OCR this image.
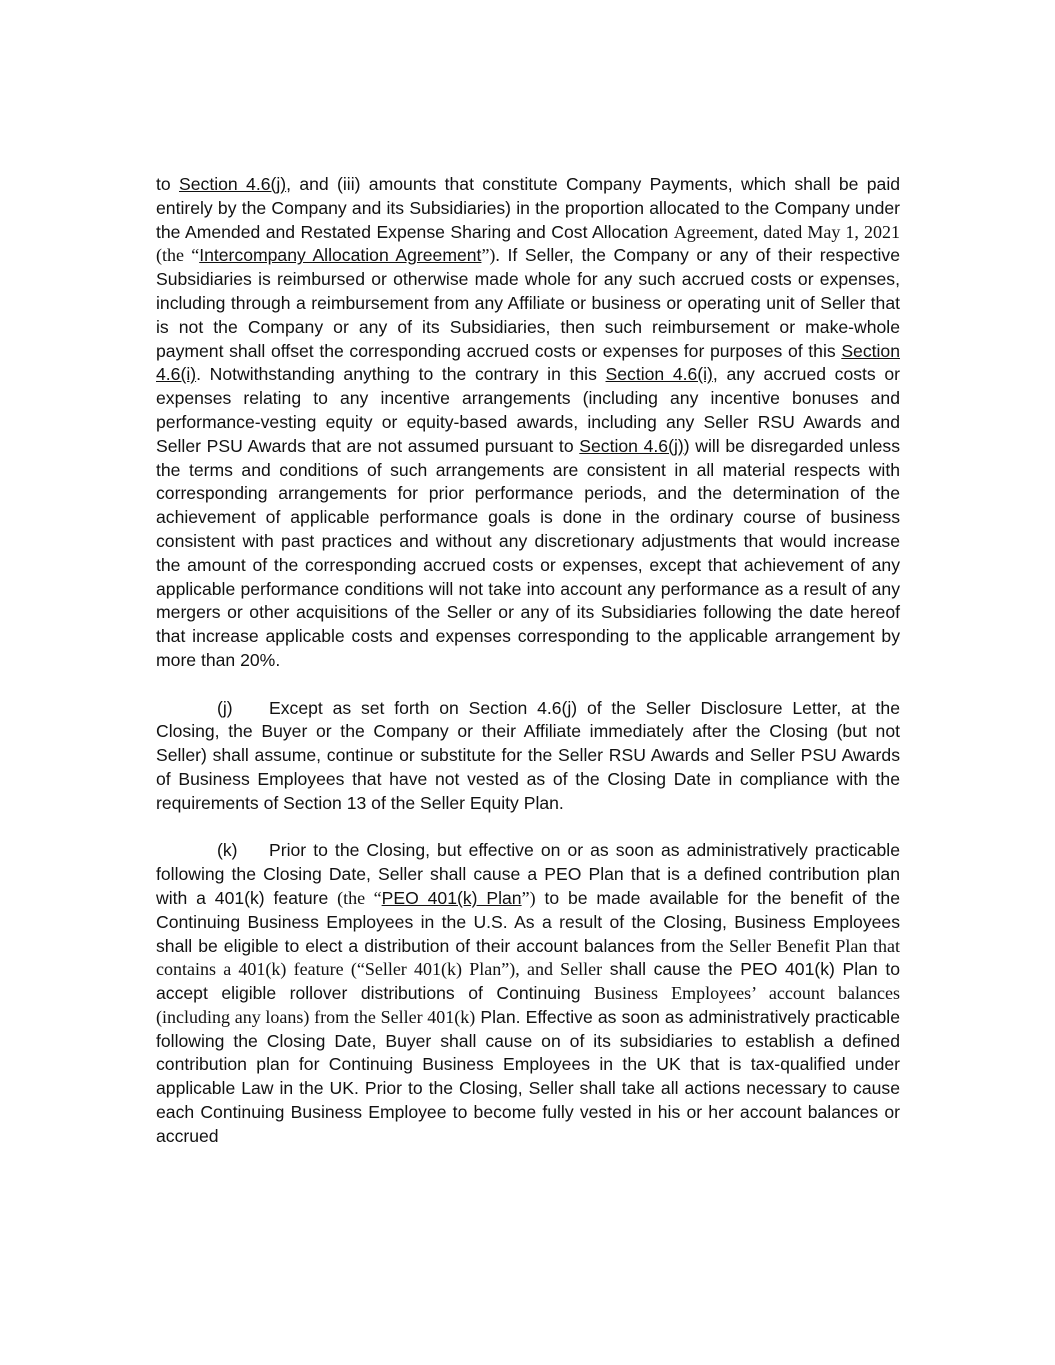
to Section 4.6(j), and (iii) amounts that constitute Company Payments, which shall be paid entirely by the Company and its Subsidiaries) in the proportion allocated to the Company under the Amended and Restated Expense Sharing and Cost Allocation Agreement, dated May 1, 2021 (the “Intercompany Allocation Agreement”). If Seller, the Company or any of their respective Subsidiaries is reimbursed or otherwise made whole for any such accrued costs or expenses, including through a reimbursement from any Affiliate or business or operating unit of Seller that is not the Company or any of its Subsidiaries, then such reimbursement or make-whole payment shall offset the corresponding accrued costs or expenses for purposes of this Section 4.6(i). Notwithstanding anything to the contrary in this Section 4.6(i), any accrued costs or expenses relating to any incentive arrangements (including any incentive bonuses and performance-vesting equity or equity-based awards, including any Seller RSU Awards and Seller PSU Awards that are not assumed pursuant to Section 4.6(j)) will be disregarded unless the terms and conditions of such arrangements are consistent in all material respects with corresponding arrangements for prior performance periods, and the determination of the achievement of applicable performance goals is done in the ordinary course of business consistent with past practices and without any discretionary adjustments that would increase the amount of the corresponding accrued costs or expenses, except that achievement of any applicable performance conditions will not take into account any performance as a result of any mergers or other acquisitions of the Seller or any of its Subsidiaries following the date hereof that increase applicable costs and expenses corresponding to the applicable arrangement by more than 20%.

(j) Except as set forth on Section 4.6(j) of the Seller Disclosure Letter, at the Closing, the Buyer or the Company or their Affiliate immediately after the Closing (but not Seller) shall assume, continue or substitute for the Seller RSU Awards and Seller PSU Awards of Business Employees that have not vested as of the Closing Date in compliance with the requirements of Section 13 of the Seller Equity Plan.

(k) Prior to the Closing, but effective on or as soon as administratively practicable following the Closing Date, Seller shall cause a PEO Plan that is a defined contribution plan with a 401(k) feature (the “PEO 401(k) Plan”) to be made available for the benefit of the Continuing Business Employees in the U.S. As a result of the Closing, Business Employees shall be eligible to elect a distribution of their account balances from the Seller Benefit Plan that contains a 401(k) feature (“Seller 401(k) Plan”), and Seller shall cause the PEO 401(k) Plan to accept eligible rollover distributions of Continuing Business Employees’ account balances (including any loans) from the Seller 401(k) Plan. Effective as soon as administratively practicable following the Closing Date, Buyer shall cause on of its subsidiaries to establish a defined contribution plan for Continuing Business Employees in the UK that is tax-qualified under applicable Law in the UK. Prior to the Closing, Seller shall take all actions necessary to cause each Continuing Business Employee to become fully vested in his or her account balances or accrued
